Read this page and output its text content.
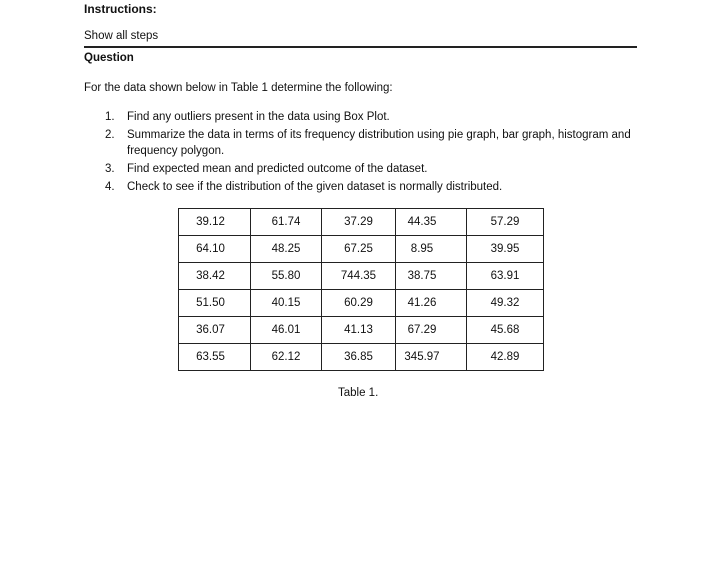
Instructions:
Show all steps
Question
For the data shown below in Table 1 determine the following:
1. Find any outliers present in the data using Box Plot.
2. Summarize the data in terms of its frequency distribution using pie graph, bar graph, histogram and frequency polygon.
3. Find expected mean and predicted outcome of the dataset.
4. Check to see if the distribution of the given dataset is normally distributed.
39.12	61.74	37.29	44.35	57.29
64.10	48.25	67.25	8.95	39.95
38.42	55.80	744.35	38.75	63.91
51.50	40.15	60.29	41.26	49.32
36.07	46.01	41.13	67.29	45.68
63.55	62.12	36.85	345.97	42.89
Table 1.
